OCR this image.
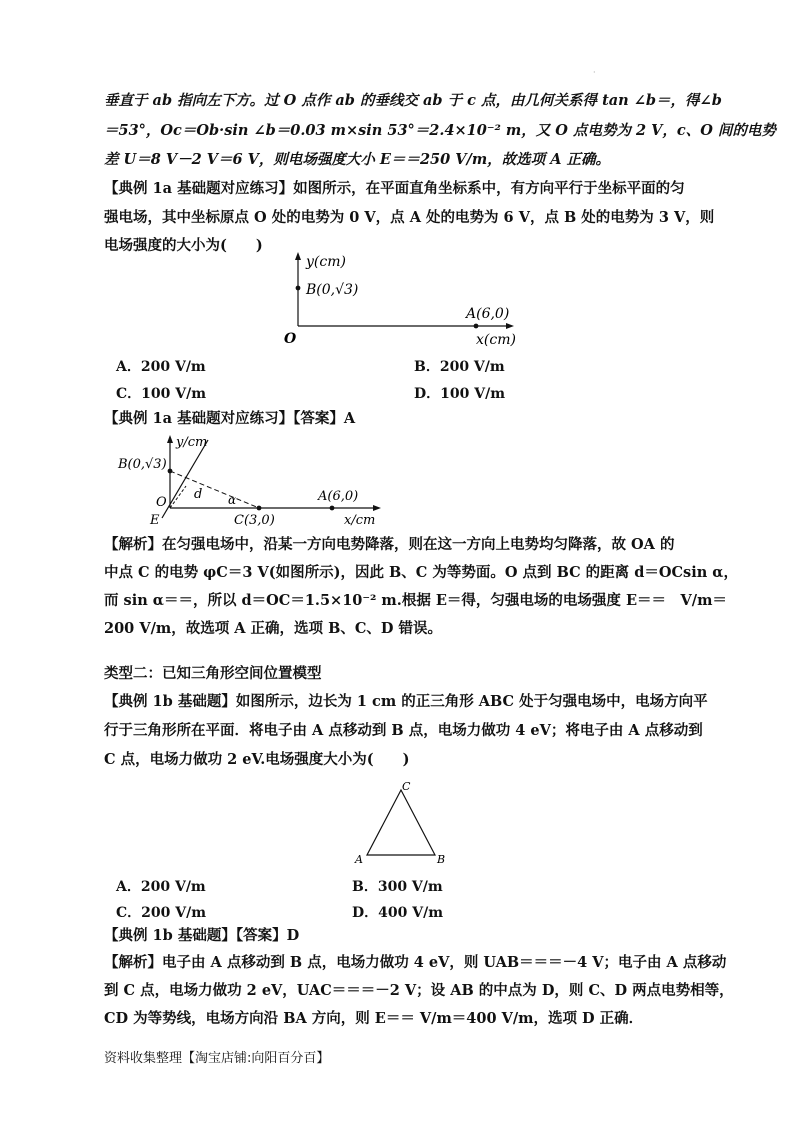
·
垂直于 ab 指向左下方。过 O 点作 ab 的垂线交 ab 于 c 点，由几何关系得 tan ∠b＝，得∠b
＝53°，Oc＝Ob·sin ∠b＝0.03 m×sin 53°＝2.4×10⁻² m，又 O 点电势为 2 V，c、O 间的电势
差 U＝8 V－2 V＝6 V，则电场强度大小 E＝＝250 V/m，故选项 A 正确。
【典例 1a 基础题对应练习】如图所示，在平面直角坐标系中，有方向平行于坐标平面的匀
强电场，其中坐标原点 O 处的电势为 0 V，点 A 处的电势为 6 V，点 B 处的电势为 3 V，则
电场强度的大小为(　　)
y(cm)
B(0,√3)
A(6,0)
O	x(cm)
A．200 V/m	B．200 V/m
C．100 V/m	D．100 V/m
【典例 1a 基础题对应练习】【答案】A
y/cm
B(0,√3)
O
E
d α
C(3,0)
A(6,0)
x/cm
【解析】在匀强电场中，沿某一方向电势降落，则在这一方向上电势均匀降落，故 OA 的
中点 C 的电势 φC＝3 V(如图所示)，因此 B、C 为等势面。O 点到 BC 的距离 d＝OCsin α，
而 sin α＝＝，所以 d＝OC＝1.5×10⁻² m.根据 E＝得，匀强电场的电场强度 E＝＝　V/m＝
200 V/m，故选项 A 正确，选项 B、C、D 错误。
类型二：已知三角形空间位置模型
【典例 1b 基础题】如图所示，边长为 1 cm 的正三角形 ABC 处于匀强电场中，电场方向平
行于三角形所在平面．将电子由 A 点移动到 B 点，电场力做功 4 eV；将电子由 A 点移动到
C 点，电场力做功 2 eV.电场强度大小为(　　)
C
A	B
A．200 V/m	B．300 V/m
C．200 V/m	D．400 V/m
【典例 1b 基础题】【答案】D
【解析】电子由 A 点移动到 B 点，电场力做功 4 eV，则 UAB＝＝＝－4 V；电子由 A 点移动
到 C 点，电场力做功 2 eV，UAC＝＝＝－2 V；设 AB 的中点为 D，则 C、D 两点电势相等，
CD 为等势线，电场方向沿 BA 方向，则 E＝＝ V/m＝400 V/m，选项 D 正确．
资料收集整理【淘宝店铺:向阳百分百】
